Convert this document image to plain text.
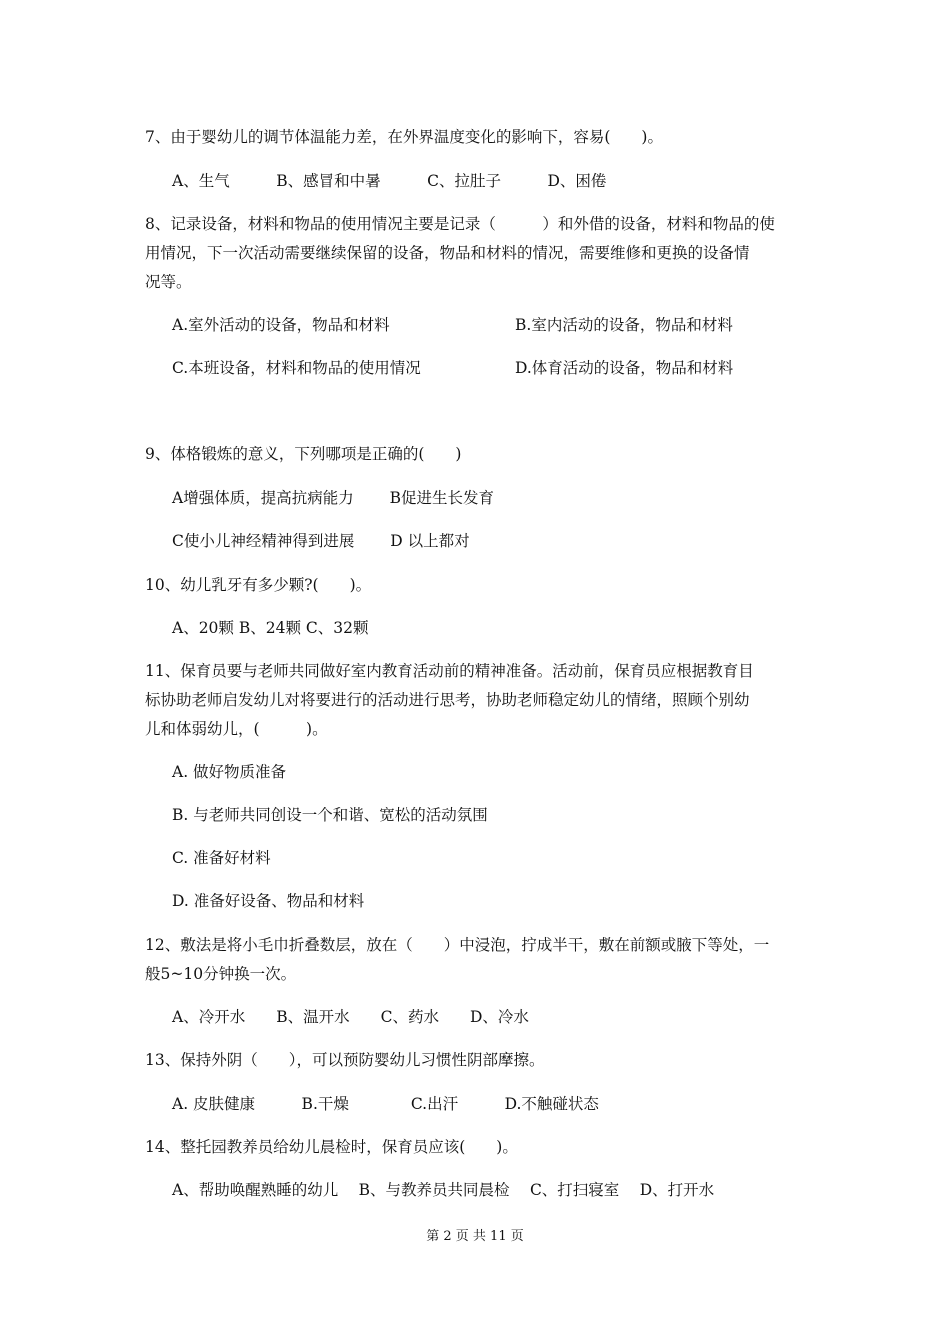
7、由于婴幼儿的调节体温能力差，在外界温度变化的影响下，容易(　　)。
A、生气　　　B、感冒和中暑　　　C、拉肚子　　　D、困倦
8、记录设备，材料和物品的使用情况主要是记录（　　　）和外借的设备，材料和物品的使
用情况，下一次活动需要继续保留的设备，物品和材料的情况，需要维修和更换的设备情
况等。
A.室外活动的设备，物品和材料	B.室内活动的设备，物品和材料
C.本班设备，材料和物品的使用情况	D.体育活动的设备，物品和材料
9、体格锻炼的意义，下列哪项是正确的(　　)
A增强体质，提高抗病能力　　 B促进生长发育
C使小儿神经精神得到进展　　 D 以上都对
10、幼儿乳牙有多少颗?(　　)。
A、20颗 B、24颗 C、32颗
11、保育员要与老师共同做好室内教育活动前的精神准备。活动前，保育员应根据教育目
标协助老师启发幼儿对将要进行的活动进行思考，协助老师稳定幼儿的情绪，照顾个别幼
儿和体弱幼儿，(　　　)。
A. 做好物质准备
B. 与老师共同创设一个和谐、宽松的活动氛围
C. 准备好材料
D. 准备好设备、物品和材料
12、敷法是将小毛巾折叠数层，放在（　　）中浸泡，拧成半干，敷在前额或腋下等处，一
般5~10分钟换一次。
A、冷开水　　B、温开水　　C、药水　　D、冷水
13、保持外阴（　　），可以预防婴幼儿习惯性阴部摩擦。
A. 皮肤健康　　　B.干燥　　　　C.出汗　　　D.不触碰状态
14、整托园教养员给幼儿晨检时，保育员应该(　　)。
A、帮助唤醒熟睡的幼儿　 B、与教养员共同晨检　 C、打扫寝室　 D、打开水
第 2 页 共 11 页
